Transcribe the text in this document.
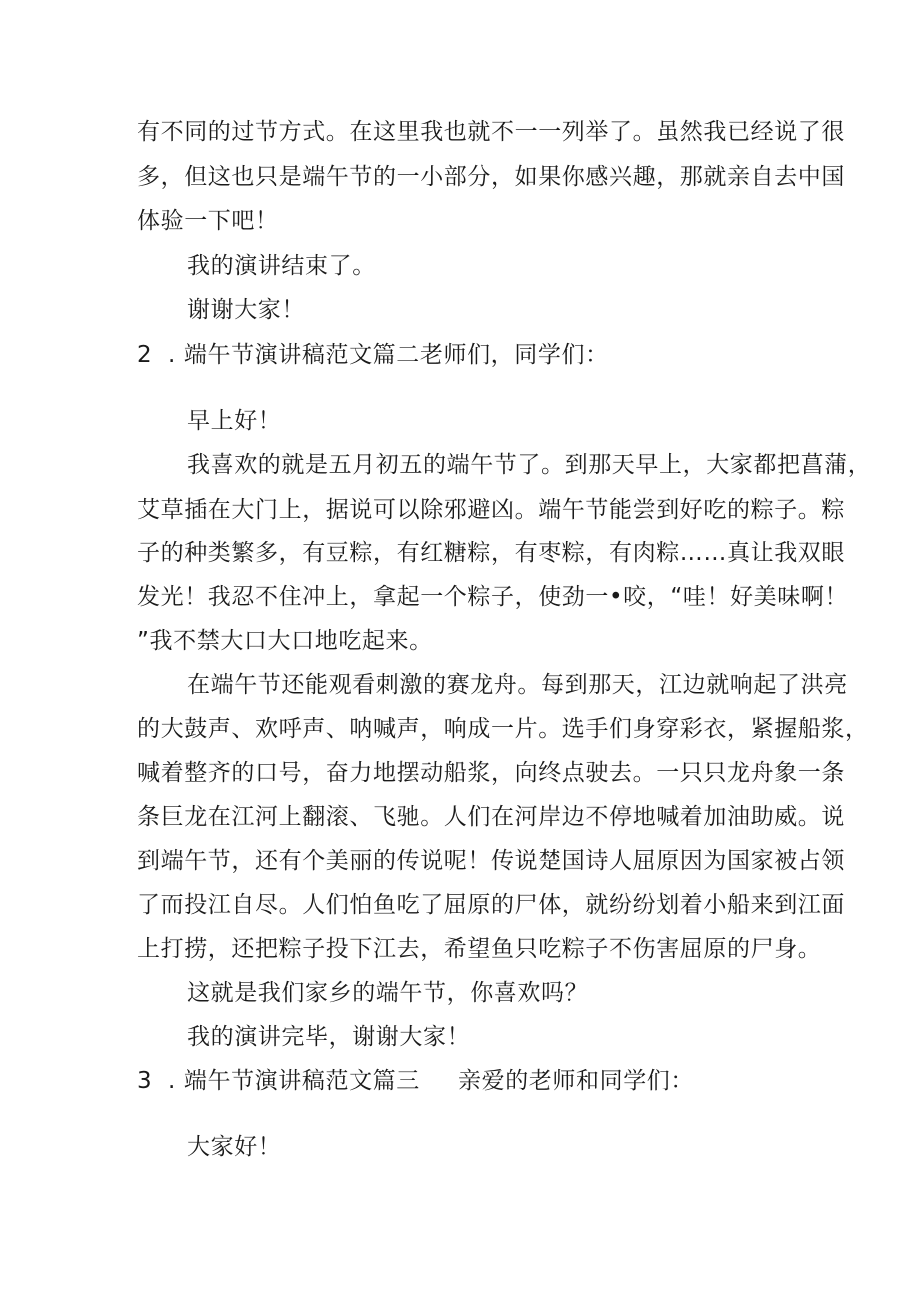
有不同的过节方式。在这里我也就不一一列举了。虽然我已经说了很
多，但这也只是端午节的一小部分，如果你感兴趣，那就亲自去中国
体验一下吧！
我的演讲结束了。
谢谢大家！
2  . 端午节演讲稿范文篇二老师们，同学们：
早上好！
我喜欢的就是五月初五的端午节了。到那天早上，大家都把菖蒲，
艾草插在大门上，据说可以除邪避凶。端午节能尝到好吃的粽子。粽
子的种类繁多，有豆粽，有红糖粽，有枣粽，有肉粽……真让我双眼
发光！我忍不住冲上，拿起一个粽子，使劲一•咬，“哇！好美味啊！
”我不禁大口大口地吃起来。
在端午节还能观看刺激的赛龙舟。每到那天，江边就响起了洪亮
的大鼓声、欢呼声、呐喊声，响成一片。选手们身穿彩衣，紧握船浆，
喊着整齐的口号，奋力地摆动船浆，向终点驶去。一只只龙舟象一条
条巨龙在江河上翻滚、飞驰。人们在河岸边不停地喊着加油助威。说
到端午节，还有个美丽的传说呢！传说楚国诗人屈原因为国家被占领
了而投江自尽。人们怕鱼吃了屈原的尸体，就纷纷划着小船来到江面
上打捞，还把粽子投下江去，希望鱼只吃粽子不伤害屈原的尸身。
这就是我们家乡的端午节，你喜欢吗？
我的演讲完毕，谢谢大家！
3  . 端午节演讲稿范文篇三 亲爱的老师和同学们：
大家好！
